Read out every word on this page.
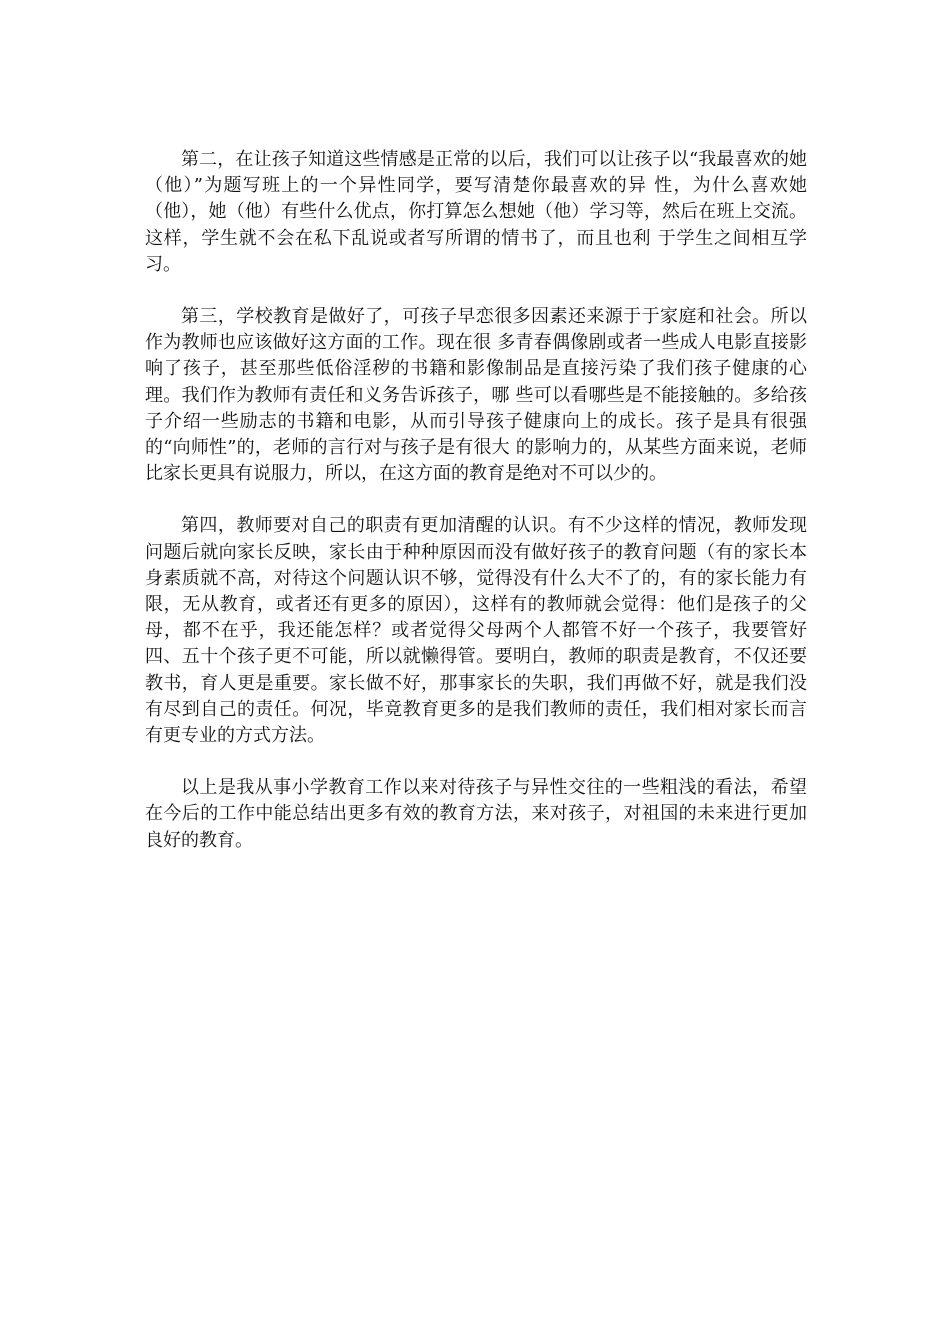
第二，在让孩子知道这些情感是正常的以后，我们可以让孩子以“我最喜欢的她（他）”为题写班上的一个异性同学，要写清楚你最喜欢的异 性，为什么喜欢她（他），她（他）有些什么优点，你打算怎么想她（他）学习等，然后在班上交流。这样，学生就不会在私下乱说或者写所谓的情书了，而且也利 于学生之间相互学习。

第三，学校教育是做好了，可孩子早恋很多因素还来源于于家庭和社会。所以作为教师也应该做好这方面的工作。现在很 多青春偶像剧或者一些成人电影直接影响了孩子，甚至那些低俗淫秽的书籍和影像制品是直接污染了我们孩子健康的心理。我们作为教师有责任和义务告诉孩子，哪 些可以看哪些是不能接触的。多给孩子介绍一些励志的书籍和电影，从而引导孩子健康向上的成长。孩子是具有很强的“向师性”的，老师的言行对与孩子是有很大 的影响力的，从某些方面来说，老师比家长更具有说服力，所以，在这方面的教育是绝对不可以少的。

第四，教师要对自己的职责有更加清醒的认识。有不少这样的情况，教师发现问题后就向家长反映，家长由于种种原因而没有做好孩子的教育问题（有的家长本身素质就不高，对待这个问题认识不够，觉得没有什么大不了的，有的家长能力有限，无从教育，或者还有更多的原因），这样有的教师就会觉得：他们是孩子的父母，都不在乎，我还能怎样？或者觉得父母两个人都管不好一个孩子，我要管好四、五十个孩子更不可能，所以就懒得管。要明白，教师的职责是教育，不仅还要教书，育人更是重要。家长做不好，那事家长的失职，我们再做不好，就是我们没有尽到自己的责任。何况，毕竟教育更多的是我们教师的责任，我们相对家长而言有更专业的方式方法。

以上是我从事小学教育工作以来对待孩子与异性交往的一些粗浅的看法，希望在今后的工作中能总结出更多有效的教育方法，来对孩子，对祖国的未来进行更加良好的教育。
